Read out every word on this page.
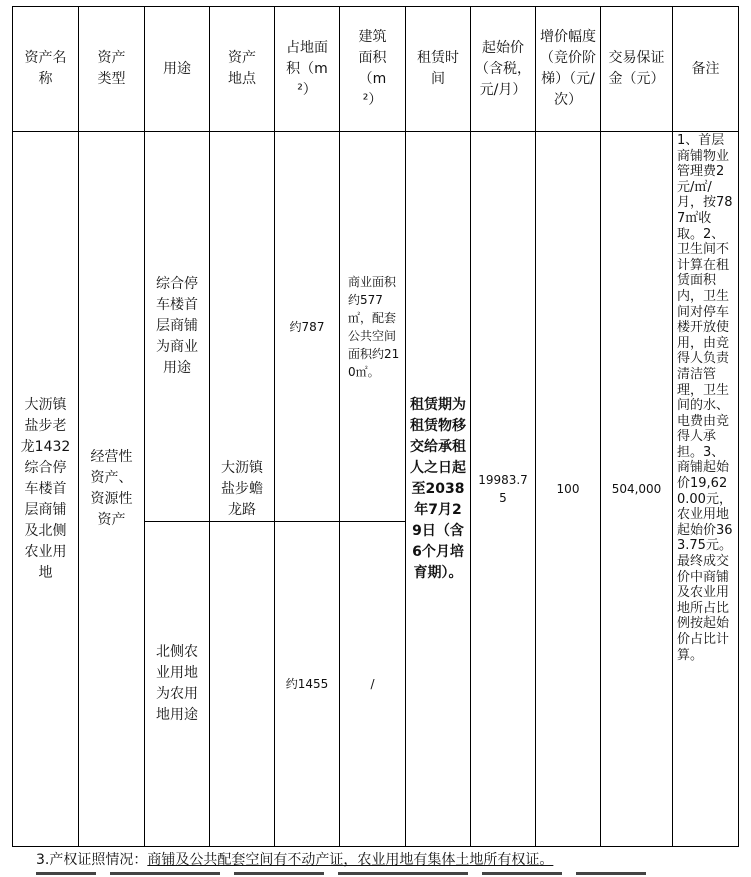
资产名称
资产类型
用途
资产地点
占地面积（m²）
建筑面积（m²）
租赁时间
起始价（含税，元/月）
增价幅度（竞价阶梯）（元/次）
交易保证金（元）
备注
大沥镇盐步老龙1432综合停车楼首层商铺及北侧农业用地
经营性资产、资源性资产
大沥镇盐步蟾龙路
租赁期为租赁物移交给承租人之日起至2038年7月29日（含6个月培育期）。
19983.75
100	504,000
1、首层商铺物业管理费2元/㎡/月，按787㎡收取。2、卫生间不计算在租赁面积内，卫生间对停车楼开放使用，由竞得人负责清洁管理，卫生间的水、电费由竞得人承担。3、商铺起始价19,620.00元，农业用地起始价363.75元。最终成交价中商铺及农业用地所占比例按起始价占比计算。
综合停车楼首层商铺为商业用途
约787
商业面积约577㎡，配套公共空间面积约210㎡。
北侧农业用地为农用地用途
约1455	/
3.产权证照情况：商铺及公共配套空间有不动产证，农业用地有集体土地所有权证。
